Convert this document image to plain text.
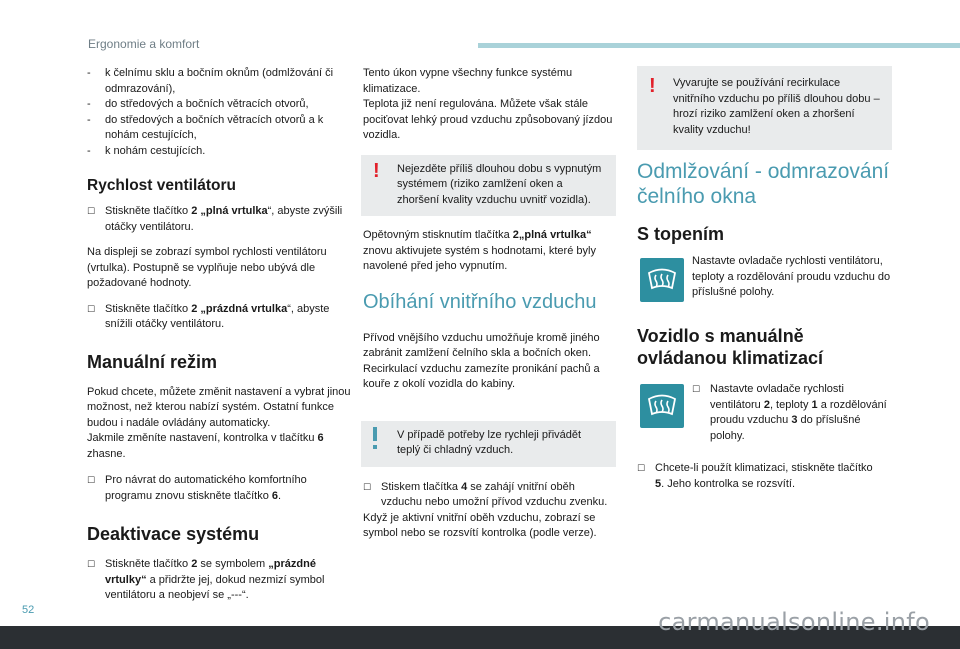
Ergonomie a komfort
- k čelnímu sklu a bočním oknům (odmlžování či odmrazování),
- do středových a bočních větracích otvorů,
- do středových a bočních větracích otvorů a k nohám cestujících,
- k nohám cestujících.
Rychlost ventilátoru
☐ Stiskněte tlačítko 2 „plná vrtulka“, abyste zvýšili otáčky ventilátoru.

Na displeji se zobrazí symbol rychlosti ventilátoru (vrtulka). Postupně se vyplňuje nebo ubývá dle požadované hodnoty.

☐ Stiskněte tlačítko 2 „prázdná vrtulka“, abyste snížili otáčky ventilátoru.
Manuální režim

Pokud chcete, můžete změnit nastavení a vybrat jinou možnost, než kterou nabízí systém. Ostatní funkce budou i nadále ovládány automaticky.

Jakmile změníte nastavení, kontrolka v tlačítku 6 zhasne.

☐ Pro návrat do automatického komfortního programu znovu stiskněte tlačítko 6.
Deaktivace systému
☐ Stiskněte tlačítko 2 se symbolem „prázdné vrtulky“ a přidržte jej, dokud nezmizí symbol ventilátoru a neobjeví se „---“.

Tento úkon vypne všechny funkce systému klimatizace.

Teplota již není regulována. Můžete však stále pociťovat lehký proud vzduchu způsobovaný jízdou vozidla.

! Nejezděte příliš dlouhou dobu s vypnutým systémem (riziko zamlžení oken a zhoršení kvality vzduchu uvnitř vozidla).

Opětovným stisknutím tlačítka 2„plná vrtulka“ znovu aktivujete systém s hodnotami, které byly navolené před jeho vypnutím.

Obíhání vnitřního vzduchu

Přívod vnějšího vzduchu umožňuje kromě jiného zabránit zamlžení čelního skla a bočních oken.

Recirkulací vzduchu zamezíte pronikání pachů a kouře z okolí vozidla do kabiny.

V případě potřeby lze rychleji přivádět teplý či chladný vzduch.

☐ Stiskem tlačítka 4 se zahájí vnitřní oběh vzduchu nebo umožní přívod vzduchu zvenku.

Když je aktivní vnitřní oběh vzduchu, zobrazí se symbol nebo se rozsvítí kontrolka (podle verze).

! Vyvarujte se používání recirkulace vnitřního vzduchu po příliš dlouhou dobu – hrozí riziko zamlžení oken a zhoršení kvality vzduchu!

Odmlžování - odmrazování čelního okna
S topením

Nastavte ovladače rychlosti ventilátoru, teploty a rozdělování proudu vzduchu do příslušné polohy.

Vozidlo s manuálně ovládanou klimatizací
☐ Nastavte ovladače rychlosti ventilátoru 2, teploty 1 a rozdělování proudu vzduchu 3 do příslušné polohy.
☐ Chcete-li použít klimatizaci, stiskněte tlačítko 5. Jeho kontrolka se rozsvítí.
52	carmanualsonline.info
